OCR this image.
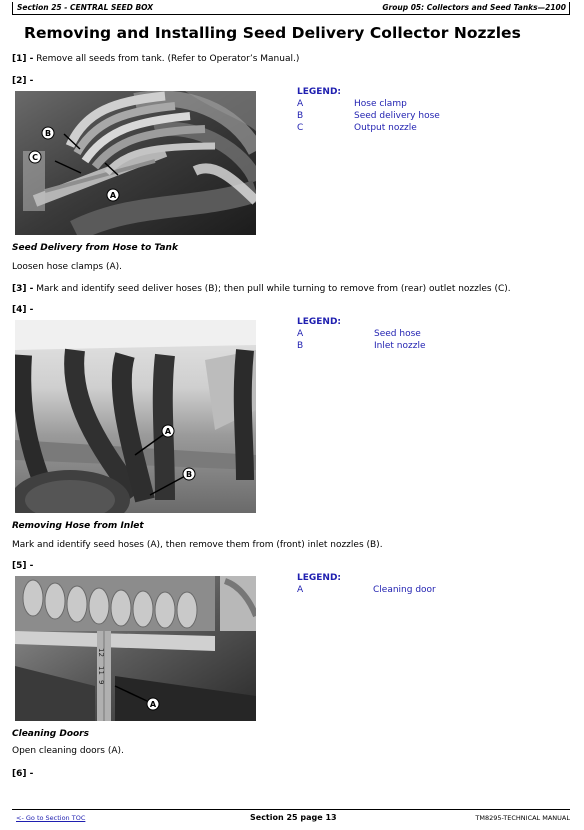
Section 25 - CENTRAL SEED BOX	Group 05: Collectors and Seed Tanks—2100
Removing and Installing Seed Delivery Collector Nozzles
[1] - Remove all seeds from tank. (Refer to Operator’s Manual.)
[2] -
B
C
A
LEGEND:
A	Hose clamp
B	Seed delivery hose
C	Output nozzle
Seed Delivery from Hose to Tank
Loosen hose clamps (A).
[3] - Mark and identify seed deliver hoses (B); then pull while turning to remove from (rear) outlet nozzles (C).
[4] -
A
B
LEGEND:
A	Seed hose
B	Inlet nozzle
Removing Hose from Inlet
Mark and identify seed hoses (A), then remove them from (front) inlet nozzles (B).
[5] -
12
11
9
A
LEGEND:
A	Cleaning door
Cleaning Doors
Open cleaning doors (A).
[6] -
<- Go to Section TOC	Section 25 page 13	TM8295-TECHNICAL MANUAL
